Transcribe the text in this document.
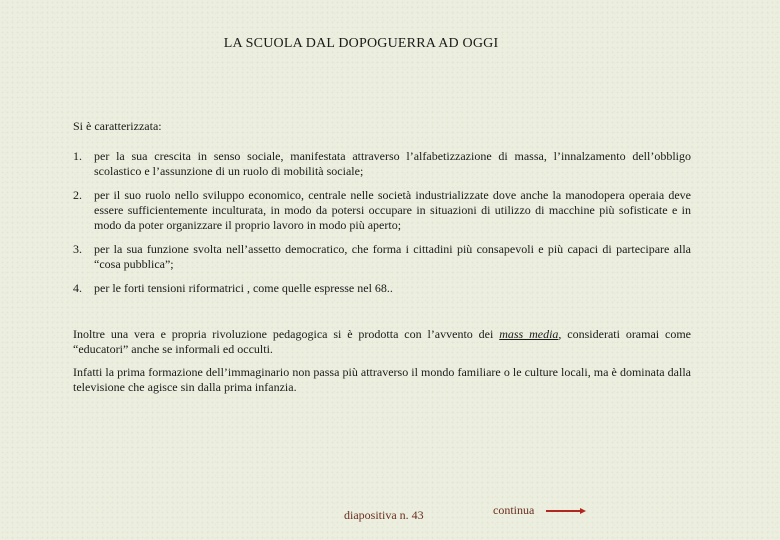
LA SCUOLA DAL DOPOGUERRA AD OGGI

Si è caratterizzata:

1. per la sua crescita in senso sociale, manifestata attraverso l’alfabetizzazione di massa, l’innalzamento dell’obbligo scolastico e l’assunzione di un ruolo di mobilità sociale;
2. per il suo ruolo nello sviluppo economico, centrale nelle società industrializzate dove anche la manodopera operaia deve essere sufficientemente inculturata, in modo da potersi occupare in situazioni di utilizzo di macchine più sofisticate e in modo da poter organizzare il proprio lavoro in modo più aperto;
3. per la sua funzione svolta nell’assetto democratico, che forma i cittadini più consapevoli e più capaci di partecipare alla “cosa pubblica”;
4. per le forti tensioni riformatrici , come quelle espresse nel 68..

Inoltre una vera e propria rivoluzione pedagogica si è prodotta con l’avvento dei mass media, considerati oramai come “educatori” anche se informali ed occulti.

Infatti la prima formazione dell’immaginario non passa più attraverso il mondo familiare o le culture locali, ma è dominata dalla televisione che agisce sin dalla prima infanzia.

diapositiva n. 43	continua
